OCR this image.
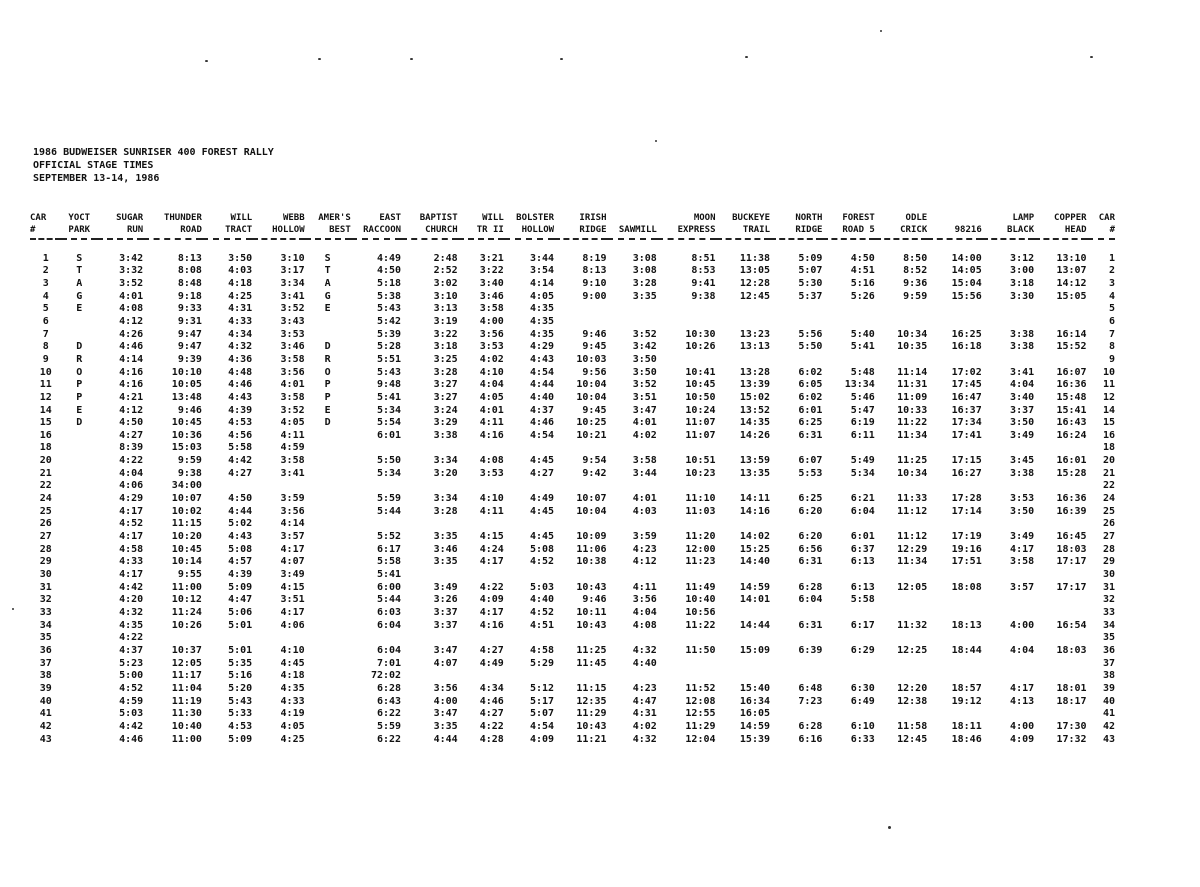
1986 BUDWEISER SUNRISER 400 FOREST RALLY
OFFICIAL STAGE TIMES
SEPTEMBER 13-14, 1986
CAR	YOCT	SUGAR	THUNDER	WILL	WEBB	AMER'S	EAST	BAPTIST	WILL	BOLSTER	IRISH		MOON	BUCKEYE	NORTH	FOREST	ODLE		LAMP	COPPER	CAR
#	PARK	RUN	ROAD	TRACT	HOLLOW	BEST	RACCOON	CHURCH	TR II	HOLLOW	RIDGE	SAWMILL	EXPRESS	TRAIL	RIDGE	ROAD 5	CRICK	98216	BLACK	HEAD	#

1	S	3:42	8:13	3:50	3:10	S	4:49	2:48	3:21	3:44	8:19	3:08	8:51	11:38	5:09	4:50	8:50	14:00	3:12	13:10	1
2	T	3:32	8:08	4:03	3:17	T	4:50	2:52	3:22	3:54	8:13	3:08	8:53	13:05	5:07	4:51	8:52	14:05	3:00	13:07	2
3	A	3:52	8:48	4:18	3:34	A	5:18	3:02	3:40	4:14	9:10	3:28	9:41	12:28	5:30	5:16	9:36	15:04	3:18	14:12	3
4	G	4:01	9:18	4:25	3:41	G	5:38	3:10	3:46	4:05	9:00	3:35	9:38	12:45	5:37	5:26	9:59	15:56	3:30	15:05	4
5	E	4:08	9:33	4:31	3:52	E	5:43	3:13	3:58	4:35											5
6		4:12	9:31	4:33	3:43		5:42	3:19	4:00	4:35											6
7		4:26	9:47	4:34	3:53		5:39	3:22	3:56	4:35	9:46	3:52	10:30	13:23	5:56	5:40	10:34	16:25	3:38	16:14	7
8	D	4:46	9:47	4:32	3:46	D	5:28	3:18	3:53	4:29	9:45	3:42	10:26	13:13	5:50	5:41	10:35	16:18	3:38	15:52	8
9	R	4:14	9:39	4:36	3:58	R	5:51	3:25	4:02	4:43	10:03	3:50									9
10	O	4:16	10:10	4:48	3:56	O	5:43	3:28	4:10	4:54	9:56	3:50	10:41	13:28	6:02	5:48	11:14	17:02	3:41	16:07	10
11	P	4:16	10:05	4:46	4:01	P	9:48	3:27	4:04	4:44	10:04	3:52	10:45	13:39	6:05	13:34	11:31	17:45	4:04	16:36	11
12	P	4:21	13:48	4:43	3:58	P	5:41	3:27	4:05	4:40	10:04	3:51	10:50	15:02	6:02	5:46	11:09	16:47	3:40	15:48	12
14	E	4:12	9:46	4:39	3:52	E	5:34	3:24	4:01	4:37	9:45	3:47	10:24	13:52	6:01	5:47	10:33	16:37	3:37	15:41	14
15	D	4:50	10:45	4:53	4:05	D	5:54	3:29	4:11	4:46	10:25	4:01	11:07	14:35	6:25	6:19	11:22	17:34	3:50	16:43	15
16		4:27	10:36	4:56	4:11		6:01	3:38	4:16	4:54	10:21	4:02	11:07	14:26	6:31	6:11	11:34	17:41	3:49	16:24	16
18		8:39	15:03	5:58	4:59																18
20		4:22	9:59	4:42	3:58		5:50	3:34	4:08	4:45	9:54	3:58	10:51	13:59	6:07	5:49	11:25	17:15	3:45	16:01	20
21		4:04	9:38	4:27	3:41		5:34	3:20	3:53	4:27	9:42	3:44	10:23	13:35	5:53	5:34	10:34	16:27	3:38	15:28	21
22		4:06	34:00																		22
24		4:29	10:07	4:50	3:59		5:59	3:34	4:10	4:49	10:07	4:01	11:10	14:11	6:25	6:21	11:33	17:28	3:53	16:36	24
25		4:17	10:02	4:44	3:56		5:44	3:28	4:11	4:45	10:04	4:03	11:03	14:16	6:20	6:04	11:12	17:14	3:50	16:39	25
26		4:52	11:15	5:02	4:14																26
27		4:17	10:20	4:43	3:57		5:52	3:35	4:15	4:45	10:09	3:59	11:20	14:02	6:20	6:01	11:12	17:19	3:49	16:45	27
28		4:58	10:45	5:08	4:17		6:17	3:46	4:24	5:08	11:06	4:23	12:00	15:25	6:56	6:37	12:29	19:16	4:17	18:03	28
29		4:33	10:14	4:57	4:07		5:58	3:35	4:17	4:52	10:38	4:12	11:23	14:40	6:31	6:13	11:34	17:51	3:58	17:17	29
30		4:17	9:55	4:39	3:49		5:41														30
31		4:42	11:00	5:09	4:15		6:00	3:49	4:22	5:03	10:43	4:11	11:49	14:59	6:28	6:13	12:05	18:08	3:57	17:17	31
32		4:20	10:12	4:47	3:51		5:44	3:26	4:09	4:40	9:46	3:56	10:40	14:01	6:04	5:58					32
33		4:32	11:24	5:06	4:17		6:03	3:37	4:17	4:52	10:11	4:04	10:56								33
34		4:35	10:26	5:01	4:06		6:04	3:37	4:16	4:51	10:43	4:08	11:22	14:44	6:31	6:17	11:32	18:13	4:00	16:54	34
35		4:22																			35
36		4:37	10:37	5:01	4:10		6:04	3:47	4:27	4:58	11:25	4:32	11:50	15:09	6:39	6:29	12:25	18:44	4:04	18:03	36
37		5:23	12:05	5:35	4:45		7:01	4:07	4:49	5:29	11:45	4:40									37
38		5:00	11:17	5:16	4:18		72:02														38
39		4:52	11:04	5:20	4:35		6:28	3:56	4:34	5:12	11:15	4:23	11:52	15:40	6:48	6:30	12:20	18:57	4:17	18:01	39
40		4:59	11:19	5:43	4:33		6:43	4:00	4:46	5:17	12:35	4:47	12:08	16:34	7:23	6:49	12:38	19:12	4:13	18:17	40
41		5:03	11:30	5:33	4:19		6:22	3:47	4:27	5:07	11:29	4:31	12:55	16:05							41
42		4:42	10:40	4:53	4:05		5:59	3:35	4:22	4:54	10:43	4:02	11:29	14:59	6:28	6:10	11:58	18:11	4:00	17:30	42
43		4:46	11:00	5:09	4:25		6:22	4:44	4:28	4:09	11:21	4:32	12:04	15:39	6:16	6:33	12:45	18:46	4:09	17:32	43
